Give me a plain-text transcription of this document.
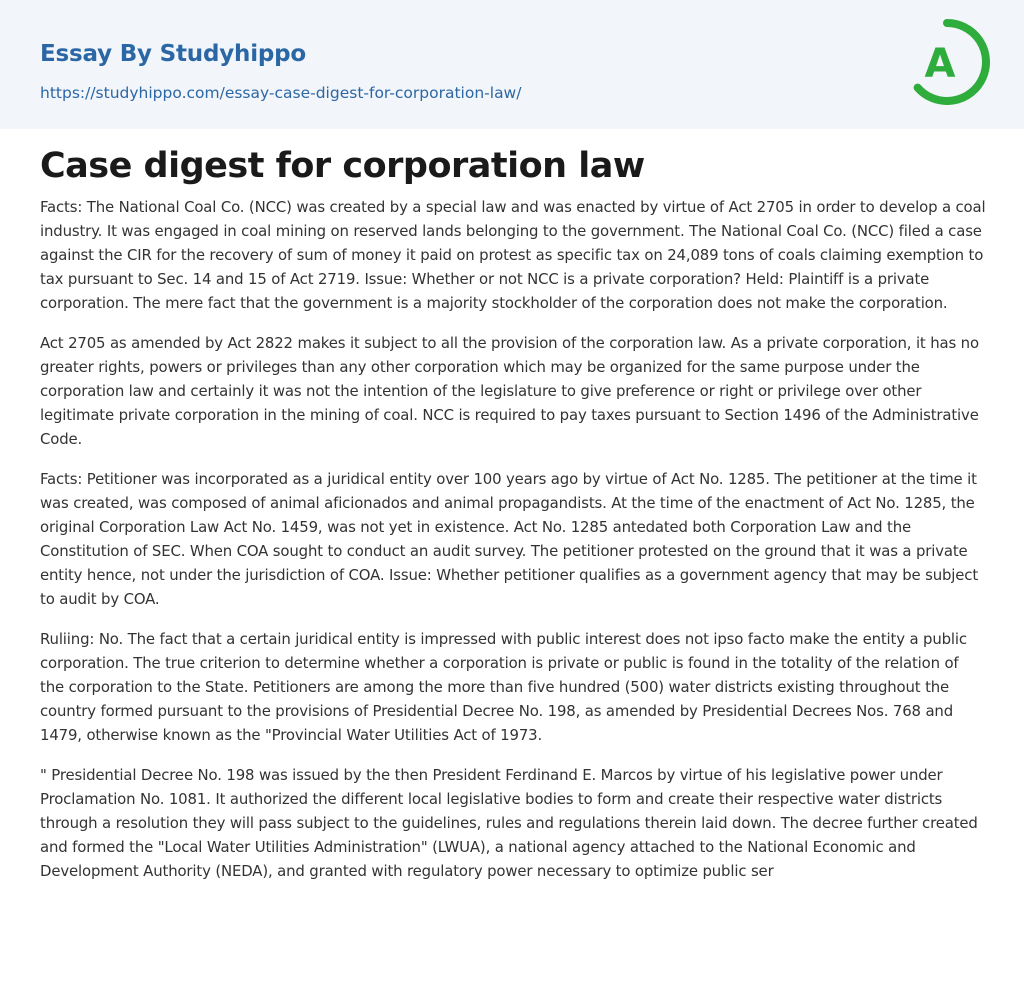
Essay By Studyhippo
https://studyhippo.com/essay-case-digest-for-corporation-law/
A
Case digest for corporation law

Facts: The National Coal Co. (NCC) was created by a special law and was enacted by virtue of Act 2705 in order to develop a coal industry. It was engaged in coal mining on reserved lands belonging to the government. The National Coal Co. (NCC) filed a case against the CIR for the recovery of sum of money it paid on protest as specific tax on 24,089 tons of coals claiming exemption to tax pursuant to Sec. 14 and 15 of Act 2719. Issue: Whether or not NCC is a private corporation? Held: Plaintiff is a private corporation. The mere fact that the government is a majority stockholder of the corporation does not make the corporation.

Act 2705 as amended by Act 2822 makes it subject to all the provision of the corporation law. As a private corporation, it has no greater rights, powers or privileges than any other corporation which may be organized for the same purpose under the corporation law and certainly it was not the intention of the legislature to give preference or right or privilege over other legitimate private corporation in the mining of coal. NCC is required to pay taxes pursuant to Section 1496 of the Administrative Code.

Facts: Petitioner was incorporated as a juridical entity over 100 years ago by virtue of Act No. 1285. The petitioner at the time it was created, was composed of animal aficionados and animal propagandists. At the time of the enactment of Act No. 1285, the original Corporation Law Act No. 1459, was not yet in existence. Act No. 1285 antedated both Corporation Law and the Constitution of SEC. When COA sought to conduct an audit survey. The petitioner protested on the ground that it was a private entity hence, not under the jurisdiction of COA. Issue: Whether petitioner qualifies as a government agency that may be subject to audit by COA.

Ruliing: No. The fact that a certain juridical entity is impressed with public interest does not ipso facto make the entity a public corporation. The true criterion to determine whether a corporation is private or public is found in the totality of the relation of the corporation to the State. Petitioners are among the more than five hundred (500) water districts existing throughout the country formed pursuant to the provisions of Presidential Decree No. 198, as amended by Presidential Decrees Nos. 768 and 1479, otherwise known as the "Provincial Water Utilities Act of 1973.

" Presidential Decree No. 198 was issued by the then President Ferdinand E. Marcos by virtue of his legislative power under Proclamation No. 1081. It authorized the different local legislative bodies to form and create their respective water districts through a resolution they will pass subject to the guidelines, rules and regulations therein laid down. The decree further created and formed the "Local Water Utilities Administration" (LWUA), a national agency attached to the National Economic and Development Authority (NEDA), and granted with regulatory power necessary to optimize public ser
